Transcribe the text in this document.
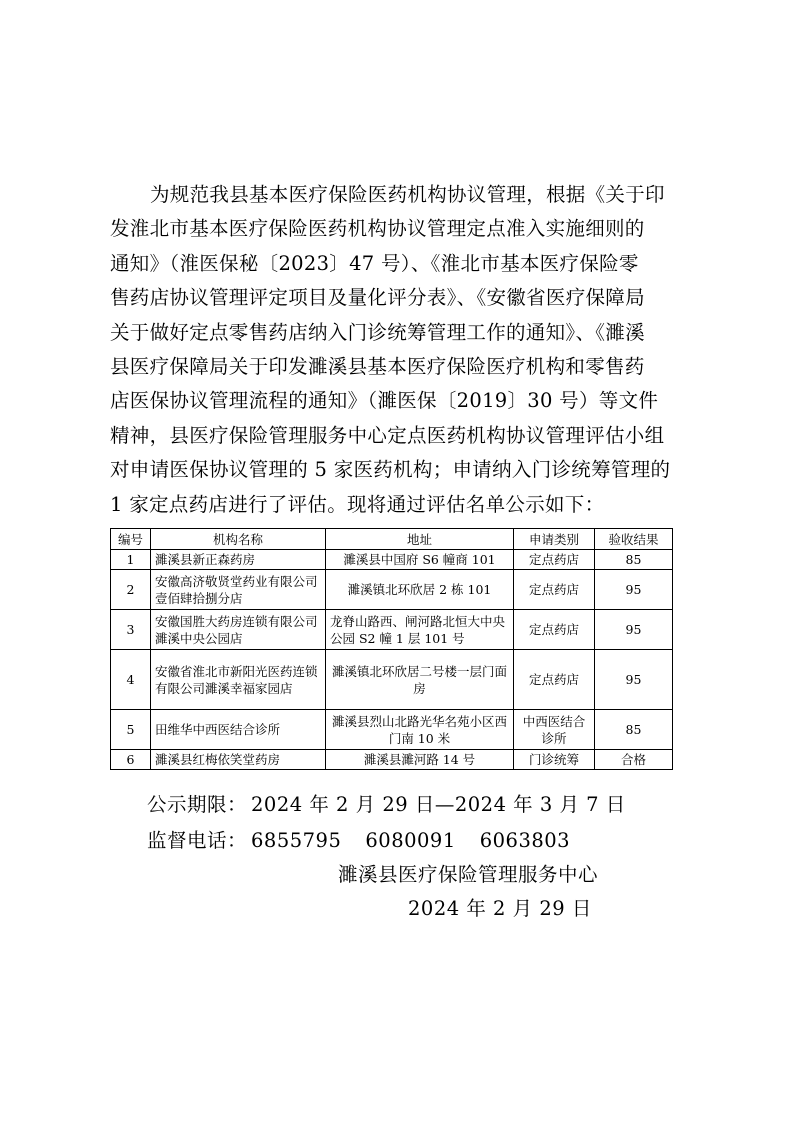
为规范我县基本医疗保险医药机构协议管理，根据《关于印
发淮北市基本医疗保险医药机构协议管理定点准入实施细则的
通知》（淮医保秘〔2023〕47 号）、《淮北市基本医疗保险零
售药店协议管理评定项目及量化评分表》、《安徽省医疗保障局
关于做好定点零售药店纳入门诊统筹管理工作的通知》、《濉溪
县医疗保障局关于印发濉溪县基本医疗保险医疗机构和零售药
店医保协议管理流程的通知》（濉医保〔2019〕30 号）等文件
精神，县医疗保险管理服务中心定点医药机构协议管理评估小组
对申请医保协议管理的 5 家医药机构；申请纳入门诊统筹管理的
1 家定点药店进行了评估。现将通过评估名单公示如下：
编号	机构名称	地址	申请类别	验收结果
1	濉溪县新正森药房	濉溪县中国府 S6 幢商 101	定点药店	85
2	安徽高济敬贤堂药业有限公司壹佰肆拾捌分店	濉溪镇北环欣居 2 栋 101	定点药店	95
3	安徽国胜大药房连锁有限公司濉溪中央公园店	龙脊山路西、闸河路北恒大中央公园 S2 幢 1 层 101 号	定点药店	95
4	安徽省淮北市新阳光医药连锁有限公司濉溪幸福家园店	濉溪镇北环欣居二号楼一层门面房	定点药店	95
5	田维华中西医结合诊所	濉溪县烈山北路光华名苑小区西门南 10 米	中西医结合诊所	85
6	濉溪县红梅依笑堂药房	濉溪县濉河路 14 号	门诊统筹	合格
公示期限： 2024 年 2 月 29 日—2024 年 3 月 7 日
监督电话： 6855795 6080091 6063803
濉溪县医疗保险管理服务中心
2024 年 2 月 29 日
